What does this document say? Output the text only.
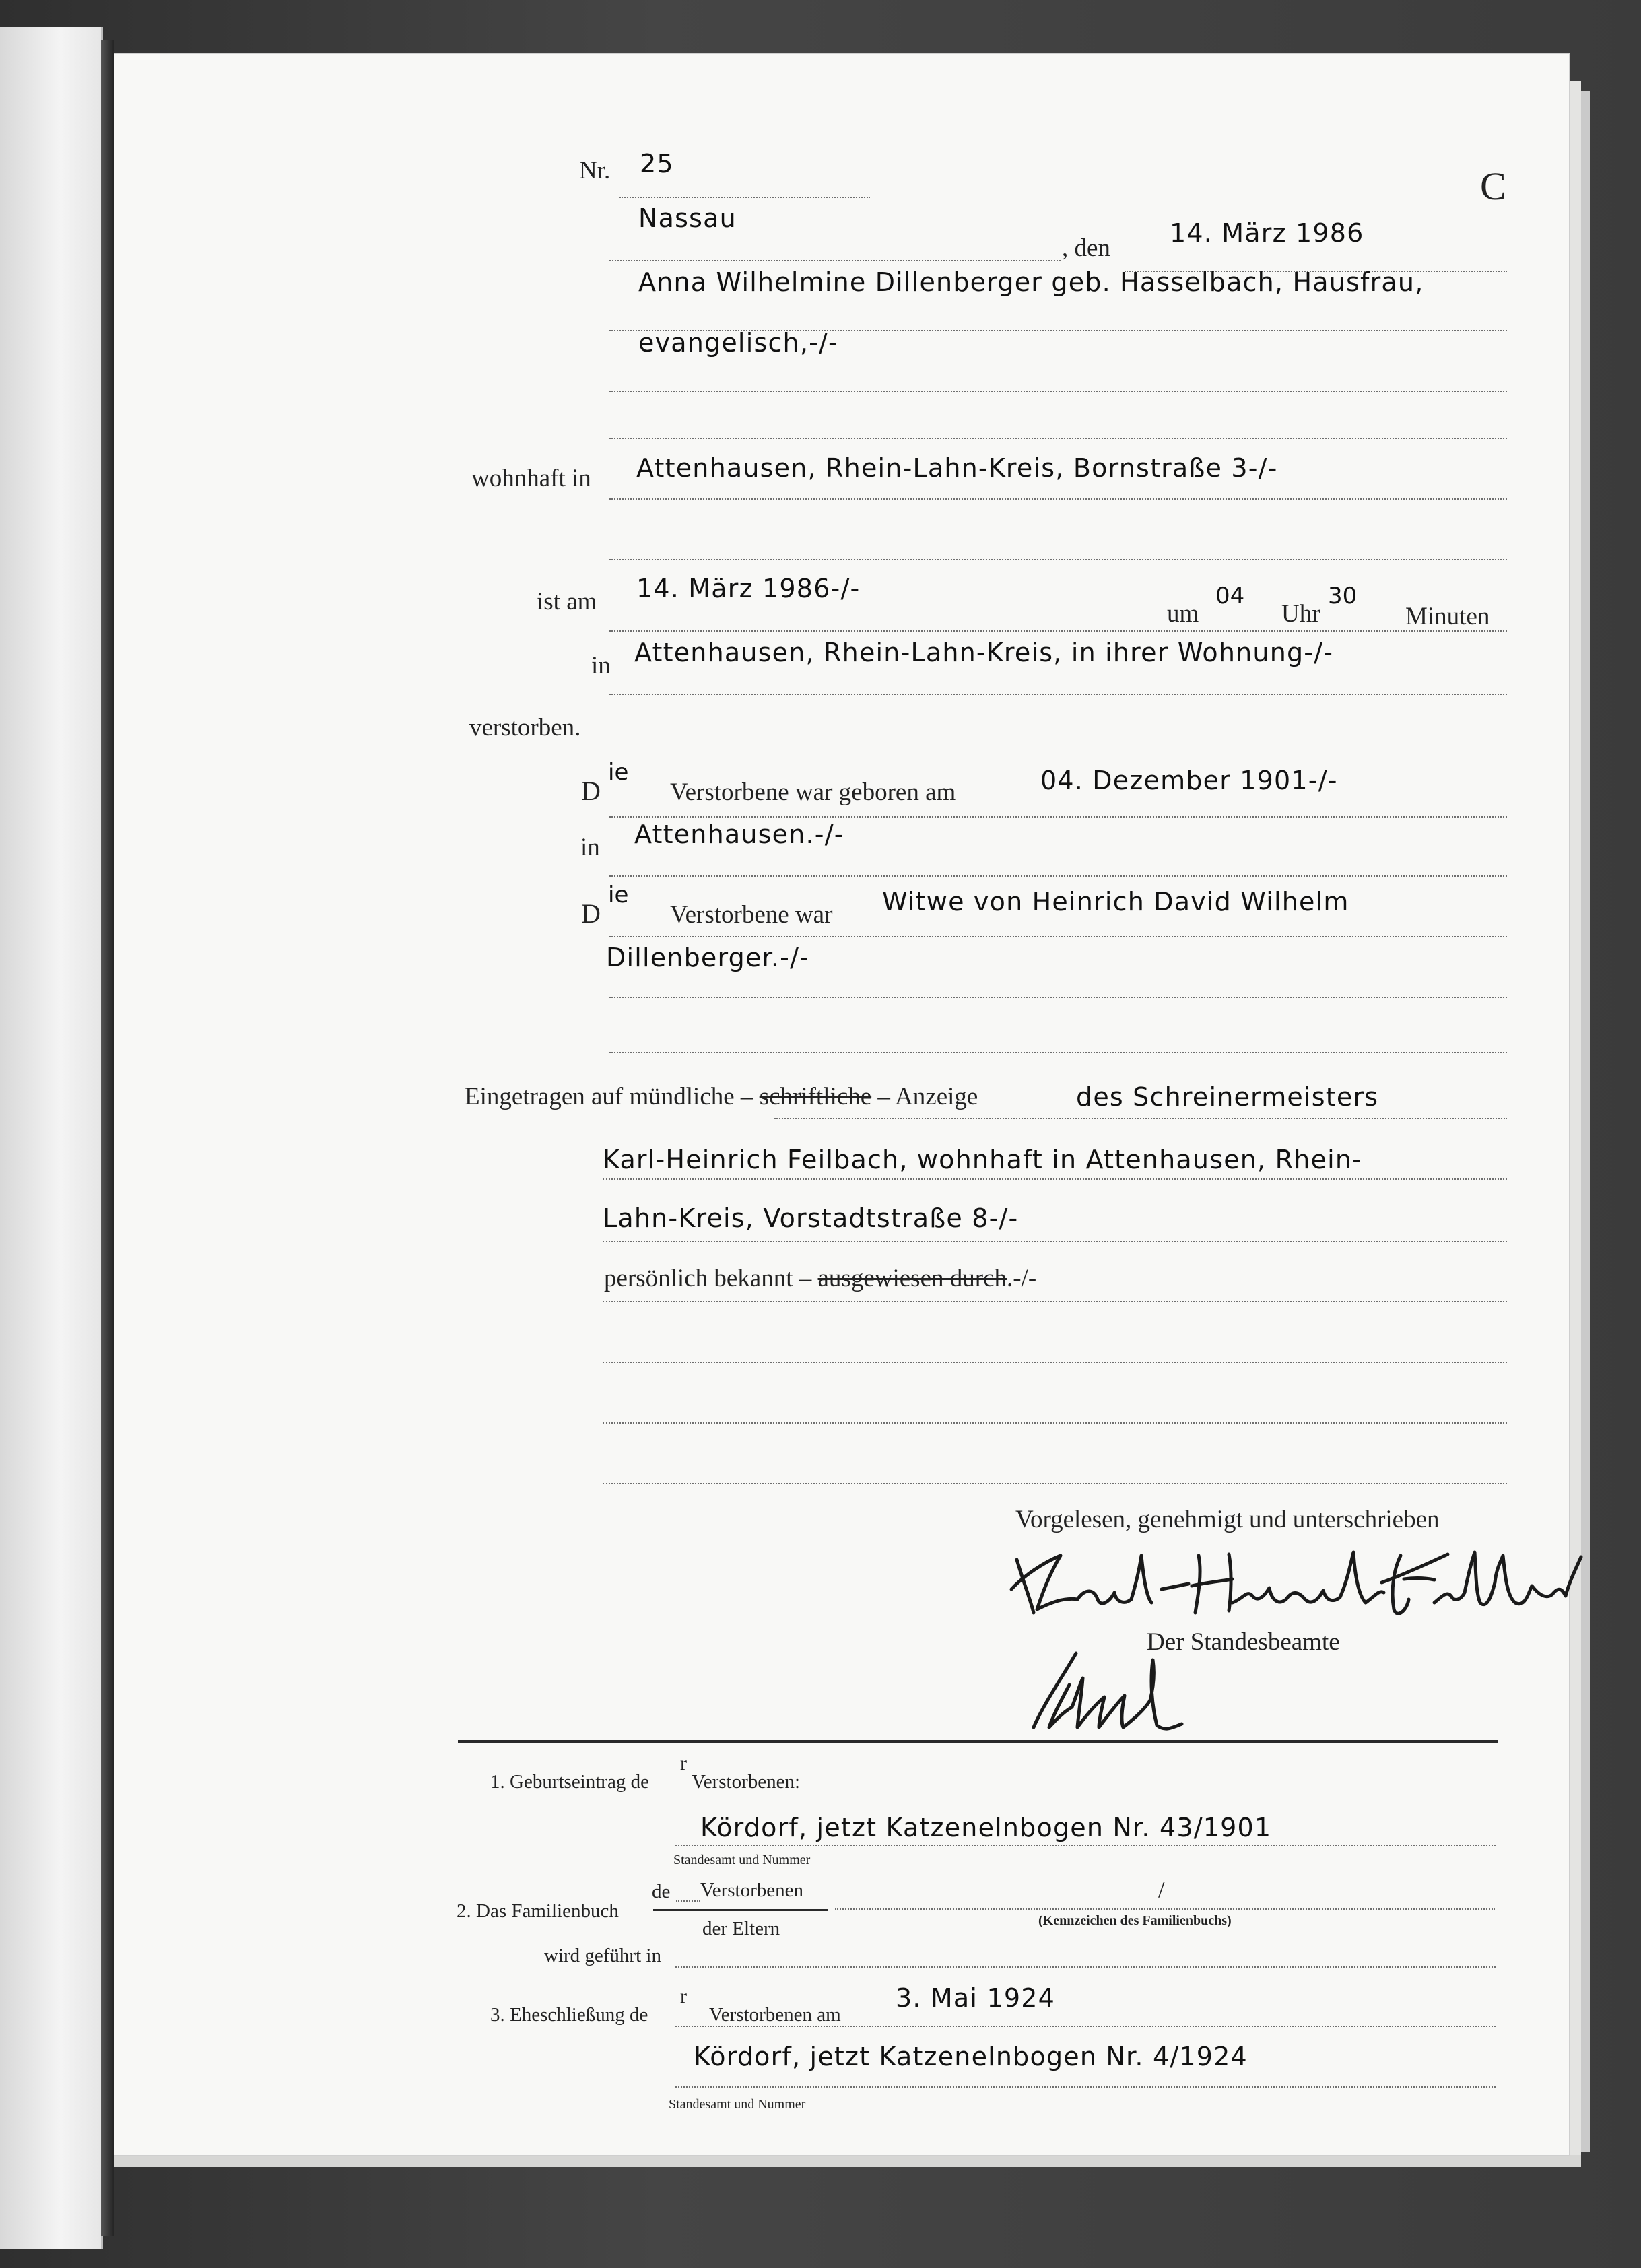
C
Nr. 25
Nassau
, den
14. März 1986
Anna Wilhelmine Dillenberger geb. Hasselbach, Hausfrau,
evangelisch,-/-
wohnhaft in Attenhausen, Rhein-Lahn-Kreis, Bornstraße 3-/-
ist am 14. März 1986-/-
um
04
Uhr
30
Minuten
in Attenhausen, Rhein-Lahn-Kreis, in ihrer Wohnung-/-
verstorben.
D
ie
Verstorbene war geboren am	04. Dezember 1901-/-
in Attenhausen.-/-
D
ie
Verstorbene war Witwe von Heinrich David Wilhelm
Dillenberger.-/-
Eingetragen auf mündliche – schriftliche – Anzeige	des Schreinermeisters
Karl-Heinrich Feilbach, wohnhaft in Attenhausen, Rhein-
Lahn-Kreis, Vorstadtstraße 8-/-
persönlich bekannt – ausgewiesen durch.-/-
Vorgelesen, genehmigt und unterschrieben
Der Standesbeamte
1. Geburtseintrag de
r
Verstorbenen:
Kördorf, jetzt Katzenelnbogen Nr. 43/1901
Standesamt und Nummer
2. Das Familienbuch
de Verstorbenen
der Eltern
/
(Kennzeichen des Familienbuchs)
wird geführt in
3. Eheschließung de
r
Verstorbenen am
3. Mai 1924
Kördorf, jetzt Katzenelnbogen Nr. 4/1924
Standesamt und Nummer
